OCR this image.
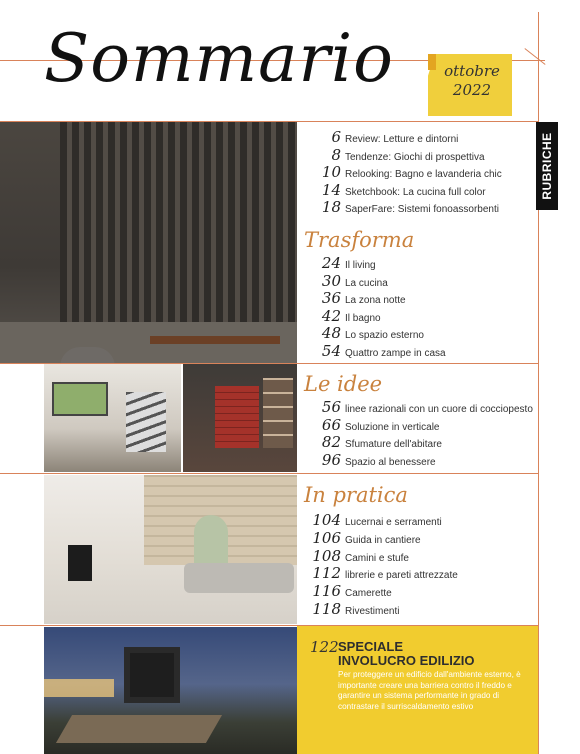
Sommario	ottobre
2022
RUBRICHE
6 Review: Letture e dintorni
8 Tendenze: Giochi di prospettiva
10 Relooking: Bagno e lavanderia chic
14 Sketchbook: La cucina full color
18 SaperFare: Sistemi fonoassorbenti
Trasforma
24 Il living
30 La cucina
36 La zona notte
42 Il bagno
48 Lo spazio esterno
54 Quattro zampe in casa
Le idee
56 linee razionali con un cuore di cocciopesto
66 Soluzione in verticale
82 Sfumature dell'abitare
96 Spazio al benessere
In pratica
104 Lucernai e serramenti
106 Guida in cantiere
108 Camini e stufe
112 librerie e pareti attrezzate
116 Camerette
118 Rivestimenti
122 SPECIALE
INVOLUCRO EDILIZIO
Per proteggere un edificio dall'ambiente esterno, è importante creare una barriera contro il freddo e garantire un sistema performante in grado di contrastare il surriscaldamento estivo
